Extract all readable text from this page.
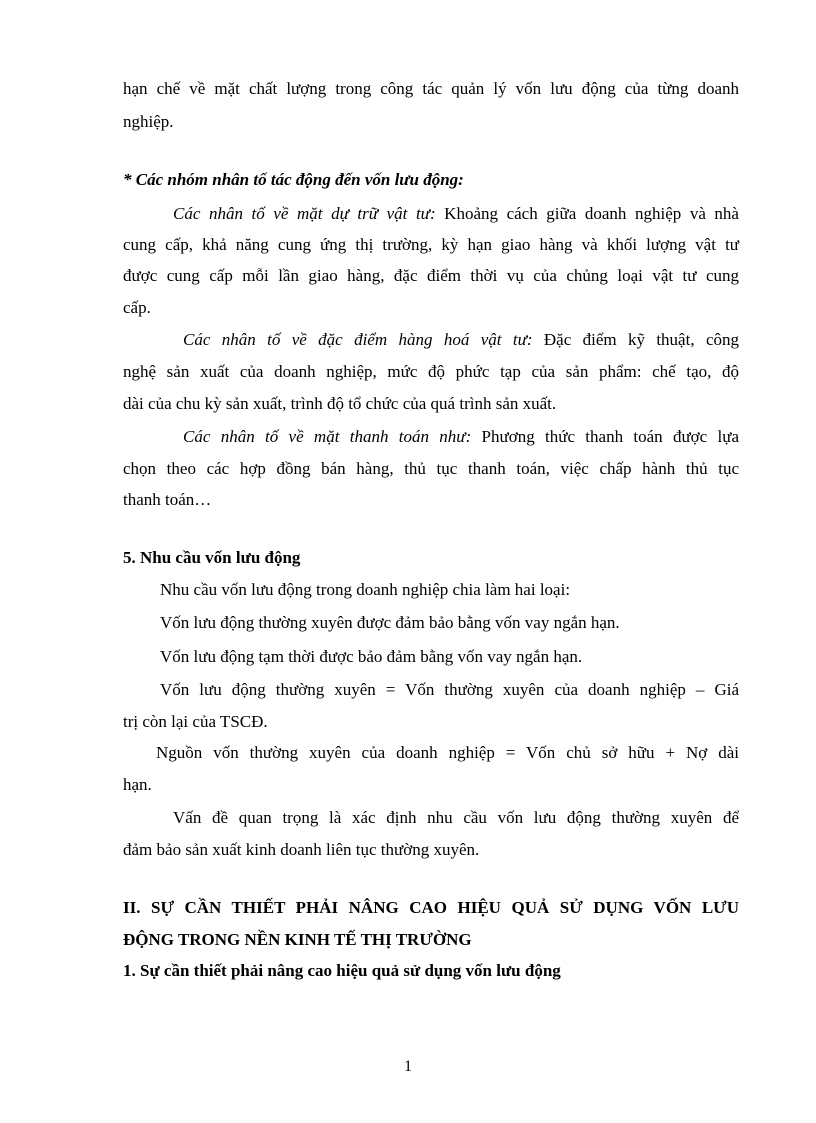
hạn chế về mặt chất lượng trong công tác quản lý vốn lưu động của từng doanh
nghiệp.
* Các nhóm nhân tố tác động đến vốn lưu động:
Các nhân tố về mặt dự trữ vật tư: Khoảng cách giữa doanh nghiệp và nhà
cung cấp, khả năng cung ứng thị trường, kỳ hạn giao hàng và khối lượng vật tư
được cung cấp mỗi lần giao hàng, đặc điểm thời vụ của chủng loại vật tư cung
cấp.
Các nhân tố về đặc điểm hàng hoá vật tư: Đặc điểm kỹ thuật, công
nghệ sản xuất của doanh nghiệp, mức độ phức tạp của sản phẩm: chế tạo, độ
dài của chu kỳ sản xuất, trình độ tổ chức của quá trình sản xuất.
Các nhân tố về mặt thanh toán như: Phương thức thanh toán được lựa
chọn theo các hợp đồng bán hàng, thủ tục thanh toán, việc chấp hành thủ tục
thanh toán…
5. Nhu cầu vốn lưu động
Nhu cầu vốn lưu động trong doanh nghiệp chia làm hai loại:
Vốn lưu động thường xuyên được đảm bảo bằng vốn vay ngắn hạn.
Vốn lưu động tạm thời được bảo đảm bằng vốn vay ngắn hạn.
Vốn lưu động thường xuyên = Vốn thường xuyên của doanh nghiệp – Giá
trị còn lại của TSCĐ.
Nguồn vốn thường xuyên của doanh nghiệp = Vốn chủ sở hữu + Nợ dài
hạn.
Vấn đề quan trọng là xác định nhu cầu vốn lưu động thường xuyên để
đảm bảo sản xuất kinh doanh liên tục thường xuyên.
II. SỰ CẦN THIẾT PHẢI NÂNG CAO HIỆU QUẢ SỬ DỤNG VỐN LƯU
ĐỘNG TRONG NỀN KINH TẾ THỊ TRƯỜNG
1. Sự cần thiết phải nâng cao hiệu quả sử dụng vốn lưu động
1
